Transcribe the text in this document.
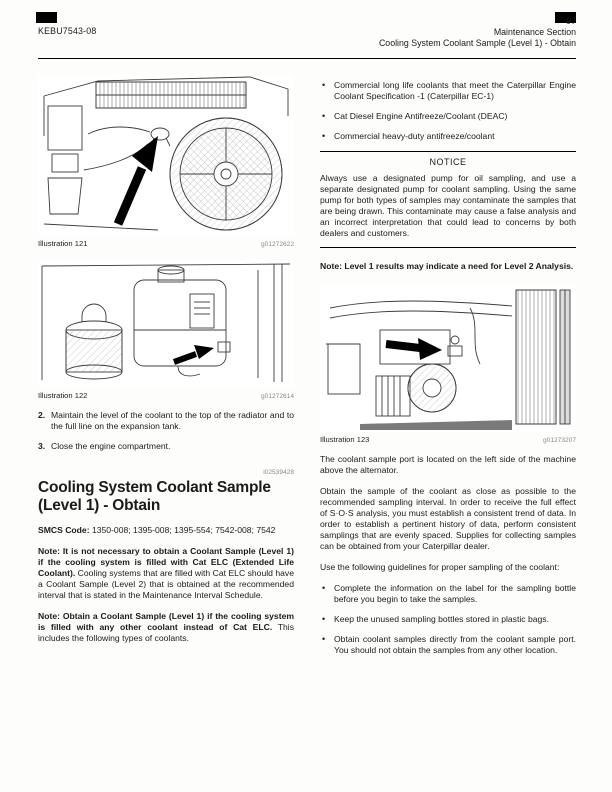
KEBU7543-08
97
Maintenance Section
Cooling System Coolant Sample (Level 1) - Obtain
Illustration 121	g01272622
Illustration 122	g01272614
2. Maintain the level of the coolant to the top of the radiator and to the full line on the expansion tank.
3. Close the engine compartment.
i02539428
Cooling System Coolant Sample (Level 1) - Obtain

SMCS Code: 1350-008; 1395-008; 1395-554; 7542-008; 7542

Note: It is not necessary to obtain a Coolant Sample (Level 1) if the cooling system is filled with Cat ELC (Extended Life Coolant). Cooling systems that are filled with Cat ELC should have a Coolant Sample (Level 2) that is obtained at the recommended interval that is stated in the Maintenance Interval Schedule.

Note: Obtain a Coolant Sample (Level 1) if the cooling system is filled with any other coolant instead of Cat ELC. This includes the following types of coolants.

• Commercial long life coolants that meet the Caterpillar Engine Coolant Specification -1 (Caterpillar EC-1)
• Cat Diesel Engine Antifreeze/Coolant (DEAC)
• Commercial heavy-duty antifreeze/coolant
NOTICE

Always use a designated pump for oil sampling, and use a separate designated pump for coolant sampling. Using the same pump for both types of samples may contaminate the samples that are being drawn. This contaminate may cause a false analysis and an incorrect interpretation that could lead to concerns by both dealers and customers.

Note: Level 1 results may indicate a need for Level 2 Analysis.

Illustration 123	g01273207

The coolant sample port is located on the left side of the machine above the alternator.

Obtain the sample of the coolant as close as possible to the recommended sampling interval. In order to receive the full effect of S·O·S analysis, you must establish a consistent trend of data. In order to establish a pertinent history of data, perform consistent samplings that are evenly spaced. Supplies for collecting samples can be obtained from your Caterpillar dealer.

Use the following guidelines for proper sampling of the coolant:

• Complete the information on the label for the sampling bottle before you begin to take the samples.
• Keep the unused sampling bottles stored in plastic bags.
• Obtain coolant samples directly from the coolant sample port. You should not obtain the samples from any other location.
